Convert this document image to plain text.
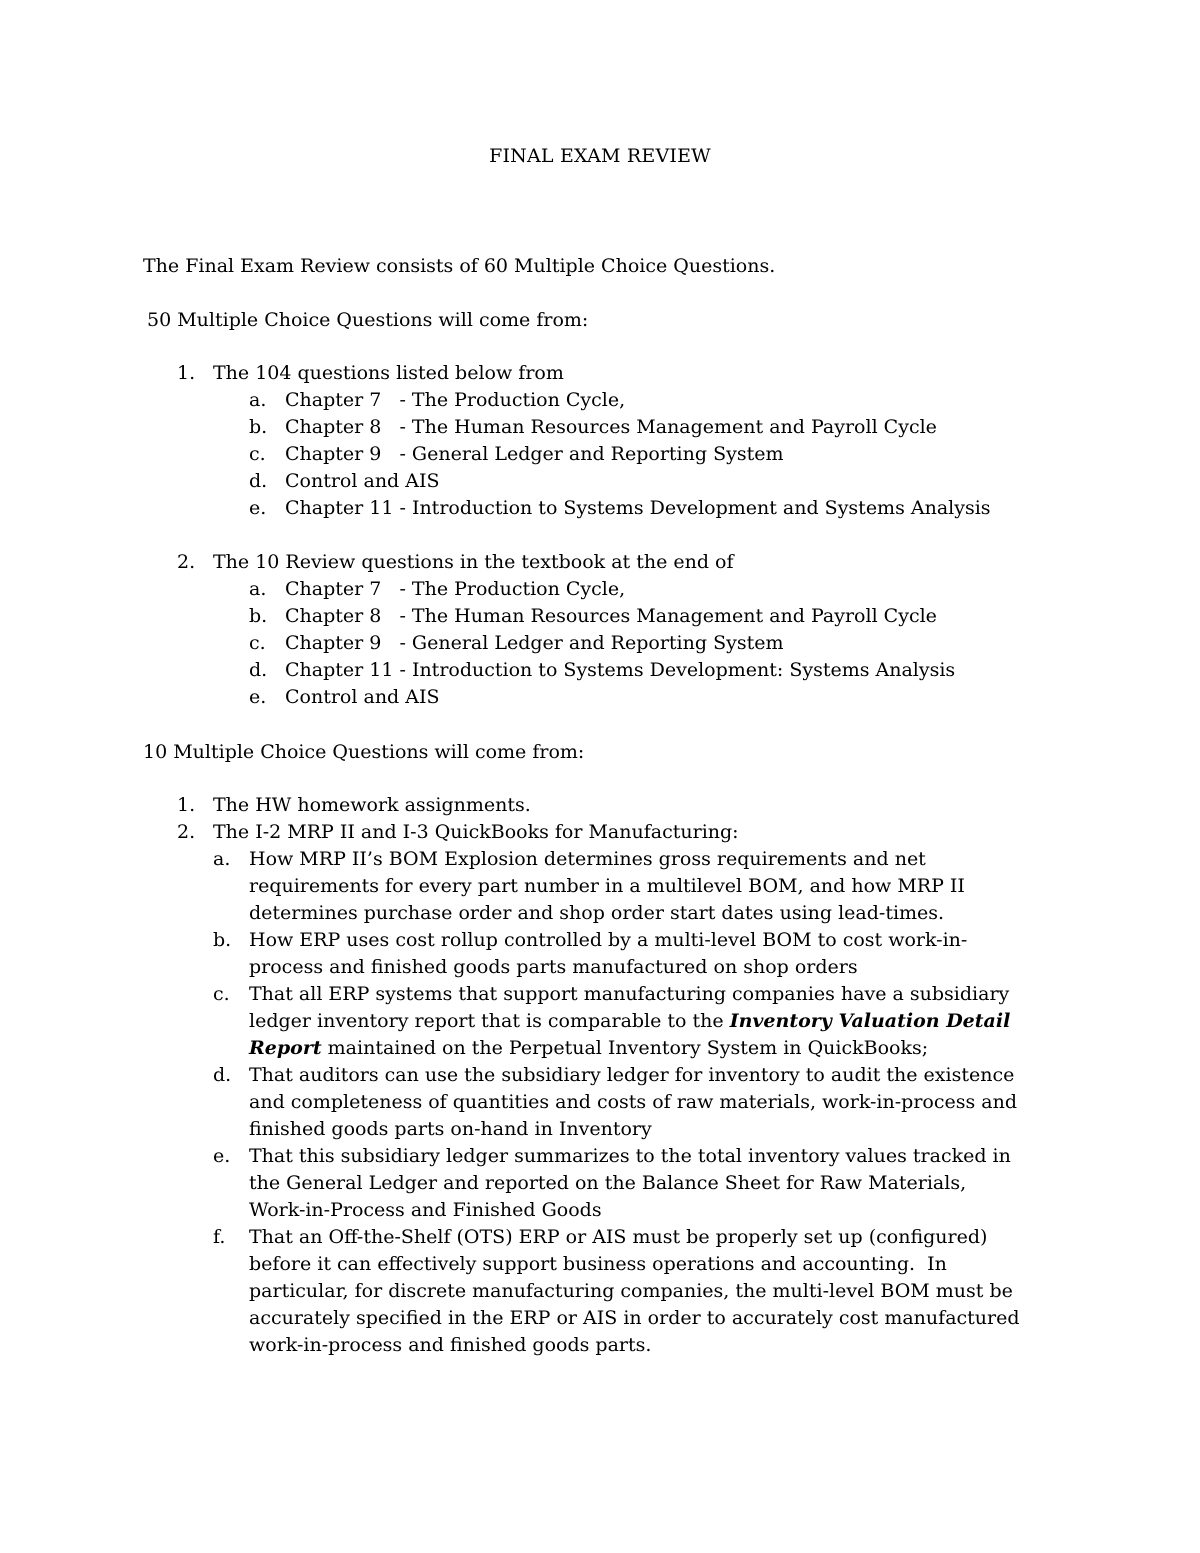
FINAL EXAM REVIEW
The Final Exam Review consists of 60 Multiple Choice Questions.
50 Multiple Choice Questions will come from:
1. The 104 questions listed below from
a. Chapter 7   - The Production Cycle,
b. Chapter 8   - The Human Resources Management and Payroll Cycle
c.	Chapter 9   - General Ledger and Reporting System
d. Control and AIS
e. Chapter 11 - Introduction to Systems Development and Systems Analysis
2. The 10 Review questions in the textbook at the end of
a. Chapter 7   - The Production Cycle,
b. Chapter 8   - The Human Resources Management and Payroll Cycle
c.	Chapter 9   - General Ledger and Reporting System
d. Chapter 11 - Introduction to Systems Development: Systems Analysis
e. Control and AIS
10 Multiple Choice Questions will come from:
1. The HW homework assignments.
2. The I-2 MRP II and I-3 QuickBooks for Manufacturing:
a. How MRP II’s BOM Explosion determines gross requirements and net
requirements for every part number in a multilevel BOM, and how MRP II
determines purchase order and shop order start dates using lead-times.
b. How ERP uses cost rollup controlled by a multi-level BOM to cost work-in-
process and finished goods parts manufactured on shop orders
c.	That all ERP systems that support manufacturing companies have a subsidiary
ledger inventory report that is comparable to the Inventory Valuation Detail
Report maintained on the Perpetual Inventory System in QuickBooks;
d. That auditors can use the subsidiary ledger for inventory to audit the existence
and completeness of quantities and costs of raw materials, work-in-process and
finished goods parts on-hand in Inventory
e. That this subsidiary ledger summarizes to the total inventory values tracked in
the General Ledger and reported on the Balance Sheet for Raw Materials,
Work-in-Process and Finished Goods
f.	That an Off-the-Shelf (OTS) ERP or AIS must be properly set up (configured)
before it can effectively support business operations and accounting.  In
particular, for discrete manufacturing companies, the multi-level BOM must be
accurately specified in the ERP or AIS in order to accurately cost manufactured
work-in-process and finished goods parts.
